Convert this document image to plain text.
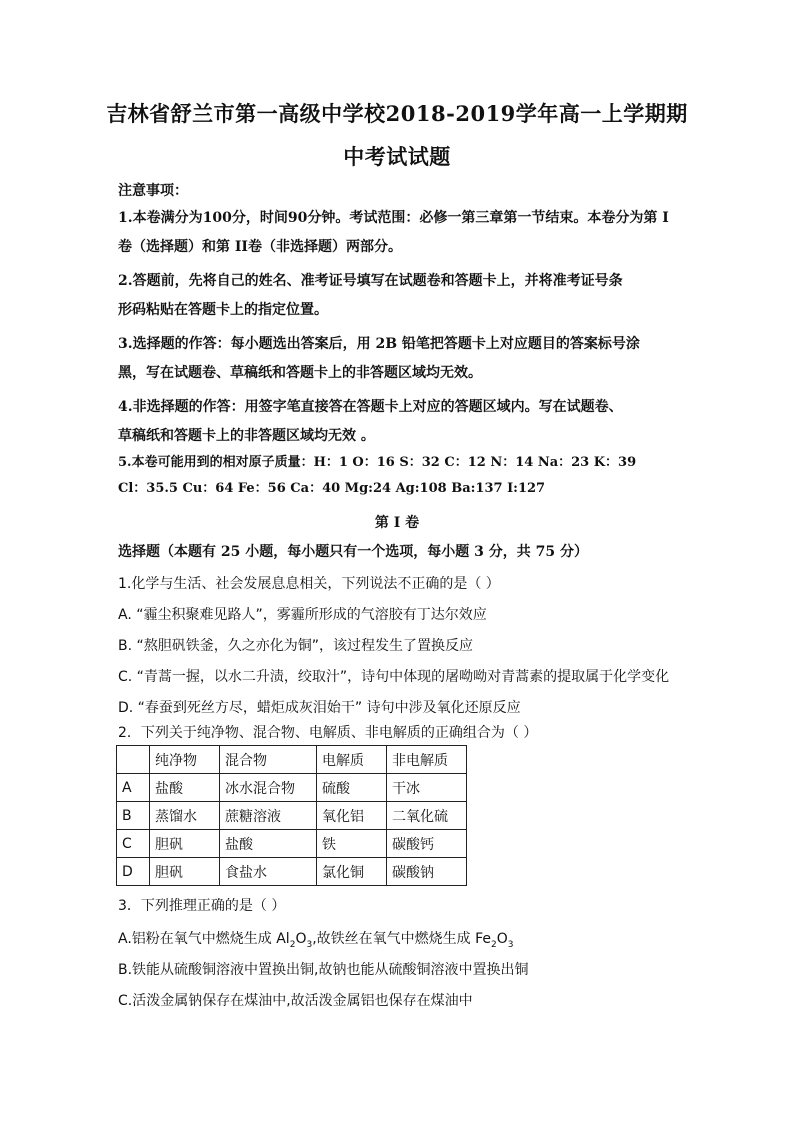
吉林省舒兰市第一高级中学校2018-2019学年高一上学期期
中考试试题
注意事项：
1.本卷满分为100分，时间90分钟。考试范围：必修一第三章第一节结束。本卷分为第 I
卷（选择题）和第 II卷（非选择题）两部分。
2.答题前，先将自己的姓名、准考证号填写在试题卷和答题卡上，并将准考证号条
形码粘贴在答题卡上的指定位置。
3.选择题的作答：每小题选出答案后，用 2B 铅笔把答题卡上对应题目的答案标号涂
黑，写在试题卷、草稿纸和答题卡上的非答题区域均无效。
4.非选择题的作答：用签字笔直接答在答题卡上对应的答题区域内。写在试题卷、
草稿纸和答题卡上的非答题区域均无效 。
5.本卷可能用到的相对原子质量：H：1 O：16 S：32 C：12 N：14 Na：23 K：39
Cl：35.5 Cu：64 Fe：56 Ca：40 Mg:24 Ag:108 Ba:137 I:127
第 I 卷
选择题（本题有 25 小题，每小题只有一个选项，每小题 3 分，共 75 分）
1.化学与生活、社会发展息息相关，下列说法不正确的是（ ）
A. “霾尘积聚难见路人”，雾霾所形成的气溶胶有丁达尔效应
B. “熬胆矾铁釜，久之亦化为铜”，该过程发生了置换反应
C. “青蒿一握，以水二升渍，绞取汁”，诗句中体现的屠呦呦对青蒿素的提取属于化学变化
D. “春蚕到死丝方尽，蜡炬成灰泪始干” 诗句中涉及氧化还原反应
2．下列关于纯净物、混合物、电解质、非电解质的正确组合为（ ）
	纯净物	混合物	电解质	非电解质
A	盐酸	冰水混合物	硫酸	干冰
B	蒸馏水	蔗糖溶液	氧化铝	二氧化硫
C	胆矾	盐酸	铁	碳酸钙
D	胆矾	食盐水	氯化铜	碳酸钠
3．下列推理正确的是（ ）
A.铝粉在氧气中燃烧生成 $Al_2O_3$,故铁丝在氧气中燃烧生成 $Fe_2O_3$
B.铁能从硫酸铜溶液中置换出铜,故钠也能从硫酸铜溶液中置换出铜
C.活泼金属钠保存在煤油中,故活泼金属铝也保存在煤油中
